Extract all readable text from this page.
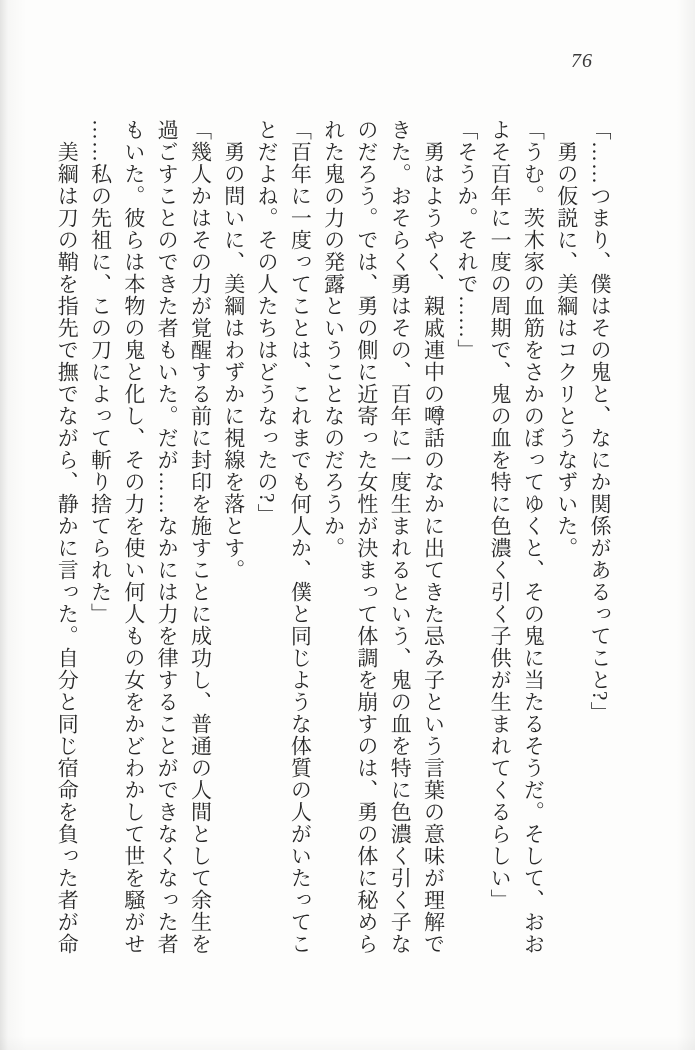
76

「……つまり、僕はその鬼と、なにか関係があるってこと?」

勇の仮説に、美綱はコクリとうなずいた。

「うむ。茨木家の血筋をさかのぼってゆくと、その鬼に当たるそうだ。そして、おお

よそ百年に一度の周期で、鬼の血を特に色濃く引く子供が生まれてくるらしい」

「そうか。それで……」

勇はようやく、親戚連中の噂話のなかに出てきた忌み子という言葉の意味が理解で

きた。おそらく勇はその、百年に一度生まれるという、鬼の血を特に色濃く引く子な

のだろう。では、勇の側に近寄った女性が決まって体調を崩すのは、勇の体に秘めら

れた鬼の力の発露ということなのだろうか。

「百年に一度ってことは、これまでも何人か、僕と同じような体質の人がいたってこ

とだよね。その人たちはどうなったの?」

勇の問いに、美綱はわずかに視線を落とす。

「幾人かはその力が覚醒する前に封印を施すことに成功し、普通の人間として余生を

過ごすことのできた者もいた。だが……なかには力を律することができなくなった者

もいた。彼らは本物の鬼と化し、その力を使い何人もの女をかどわかして世を騒がせ

……私の先祖に、この刀によって斬り捨てられた」

美綱は刀の鞘を指先で撫でながら、静かに言った。自分と同じ宿命を負った者が命
